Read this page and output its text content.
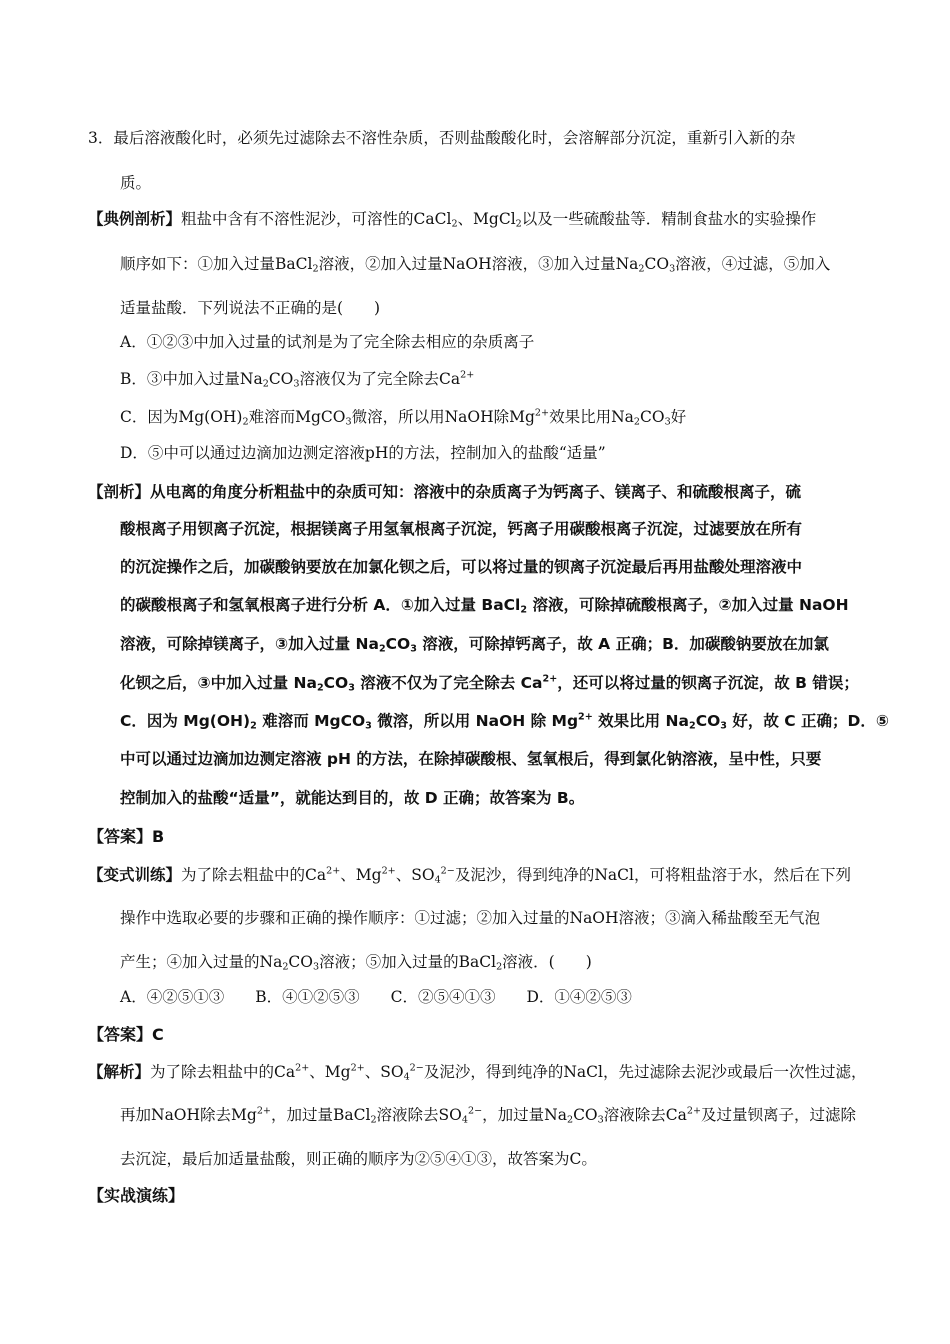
3．最后溶液酸化时，必须先过滤除去不溶性杂质，否则盐酸酸化时，会溶解部分沉淀，重新引入新的杂
质。
【典例剖析】粗盐中含有不溶性泥沙，可溶性的CaCl$_2$、MgCl$_2$以及一些硫酸盐等．精制食盐水的实验操作
顺序如下：①加入过量BaCl$_2$溶液，②加入过量NaOH溶液，③加入过量$Na_2CO_3$溶液，④过滤，⑤加入
适量盐酸．下列说法不正确的是(　　)
A．①②③中加入过量的试剂是为了完全除去相应的杂质离子
B．③中加入过量$Na_2CO_3$溶液仅为了完全除去$Ca^{2+}$
C．因为$Mg(OH)_2$难溶而MgCO$_3$微溶，所以用NaOH除$Mg^{2+}$效果比用$Na_2CO_3$好
D．⑤中可以通过边滴加边测定溶液pH的方法，控制加入的盐酸“适量”
【剖析】从电离的角度分析粗盐中的杂质可知：溶液中的杂质离子为钙离子、镁离子、和硫酸根离子，硫
酸根离子用钡离子沉淀，根据镁离子用氢氧根离子沉淀，钙离子用碳酸根离子沉淀，过滤要放在所有
的沉淀操作之后，加碳酸钠要放在加氯化钡之后，可以将过量的钡离子沉淀最后再用盐酸处理溶液中
的碳酸根离子和氢氧根离子进行分析 A．①加入过量 BaCl$_2$ 溶液，可除掉硫酸根离子，②加入过量 NaOH
溶液，可除掉镁离子，③加入过量 $Na_2CO_3$ 溶液，可除掉钙离子，故 A 正确；B．加碳酸钠要放在加氯
化钡之后，③中加入过量 $Na_2CO_3$ 溶液不仅为了完全除去 $Ca^{2+}$，还可以将过量的钡离子沉淀，故 B 错误；
C．因为 $Mg(OH)_2$ 难溶而 MgCO$_3$ 微溶，所以用 NaOH 除 $Mg^{2+}$ 效果比用 $Na_2CO_3$ 好，故 C 正确；D．⑤
中可以通过边滴加边测定溶液 pH 的方法，在除掉碳酸根、氢氧根后，得到氯化钠溶液，呈中性，只要
控制加入的盐酸“适量”，就能达到目的，故 D 正确；故答案为 B。
【答案】B
【变式训练】为了除去粗盐中的$Ca^{2+}$、$Mg^{2+}$、$SO_4^{2-}$及泥沙，得到纯净的NaCl，可将粗盐溶于水，然后在下列
操作中选取必要的步骤和正确的操作顺序：①过滤；②加入过量的NaOH溶液；③滴入稀盐酸至无气泡
产生；④加入过量的$Na_2CO_3$溶液；⑤加入过量的BaCl$_2$溶液．(　　)
A．④②⑤①③　　B．④①②⑤③　　C．②⑤④①③　　D．①④②⑤③
【答案】C
【解析】为了除去粗盐中的$Ca^{2+}$、$Mg^{2+}$、$SO_4^{2-}$及泥沙，得到纯净的NaCl，先过滤除去泥沙或最后一次性过滤，
再加NaOH除去$Mg^{2+}$，加过量BaCl$_2$溶液除去$SO_4^{2-}$，加过量$Na_2CO_3$溶液除去$Ca^{2+}$及过量钡离子，过滤除
去沉淀，最后加适量盐酸，则正确的顺序为②⑤④①③，故答案为C。
【实战演练】
